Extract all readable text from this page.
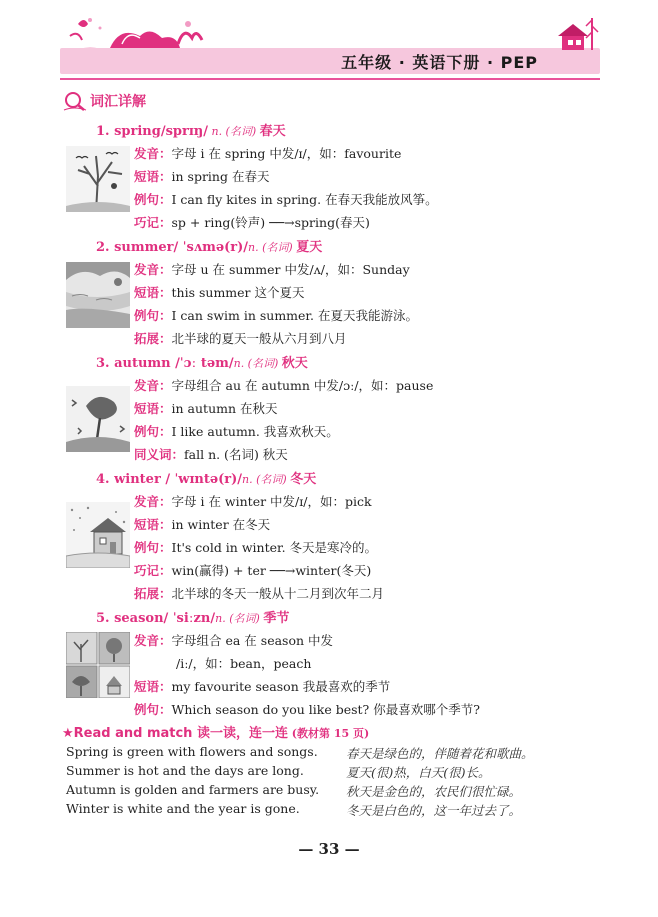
五年级 · 英语下册 · PEP
词汇详解
1. spring/sprɪŋ/ n. (名词) 春天
发音：字母 i 在 spring 中发/ɪ/，如：favourite
短语：in spring 在春天
例句：I can fly kites in spring. 在春天我能放风筝。
巧记：sp + ring(铃声) ──→spring(春天)
2. summer/ ˈsʌmə(r)/n. (名词) 夏天
发音：字母 u 在 summer 中发/ʌ/，如：Sunday
短语：this summer 这个夏天
例句：I can swim in summer. 在夏天我能游泳。
拓展：北半球的夏天一般从六月到八月
3. autumn /ˈɔː təm/n. (名词) 秋天
发音：字母组合 au 在 autumn 中发/ɔː/，如：pause
短语：in autumn 在秋天
例句：I like autumn. 我喜欢秋天。
同义词：fall n. (名词) 秋天
4. winter / ˈwɪntə(r)/n. (名词) 冬天
发音：字母 i 在 winter 中发/ɪ/，如：pick
短语：in winter 在冬天
例句：It's cold in winter. 冬天是寒冷的。
巧记：win(赢得) + ter ──→winter(冬天)
拓展：北半球的冬天一般从十二月到次年二月
5. season/ ˈsiːzn/n. (名词) 季节
发音：字母组合 ea 在 season 中发
/iː/，如：bean，peach
短语：my favourite season 我最喜欢的季节
例句：Which season do you like best? 你最喜欢哪个季节?
★Read and match 读一读，连一连 (教材第 15 页)
Spring is green with flowers and songs.
Summer is hot and the days are long.
Autumn is golden and farmers are busy.
Winter is white and the year is gone.
春天是绿色的，伴随着花和歌曲。
夏天(很)热，白天(很)长。
秋天是金色的，农民们很忙碌。
冬天是白色的，这一年过去了。
— 33 —
